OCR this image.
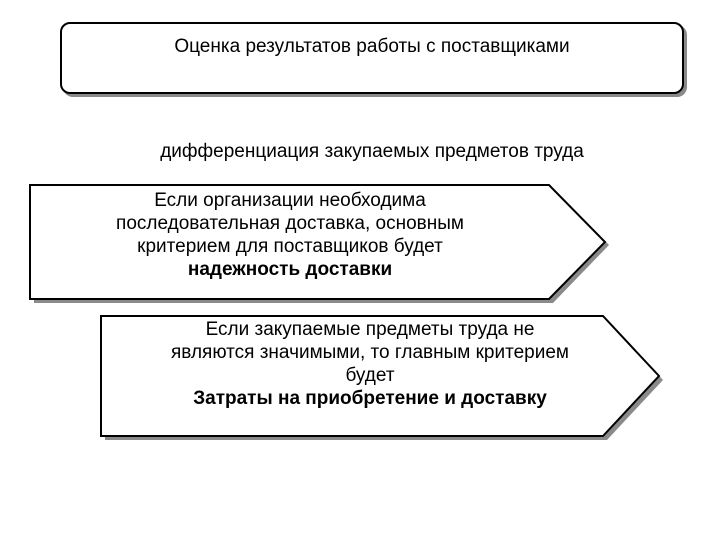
Оценка результатов работы с поставщиками
дифференциация закупаемых предметов труда
Если организации необходима
последовательная доставка, основным
критерием для поставщиков будет
надежность доставки
Если закупаемые предметы труда не
являются значимыми, то главным критерием
будет
Затраты на приобретение и доставку
